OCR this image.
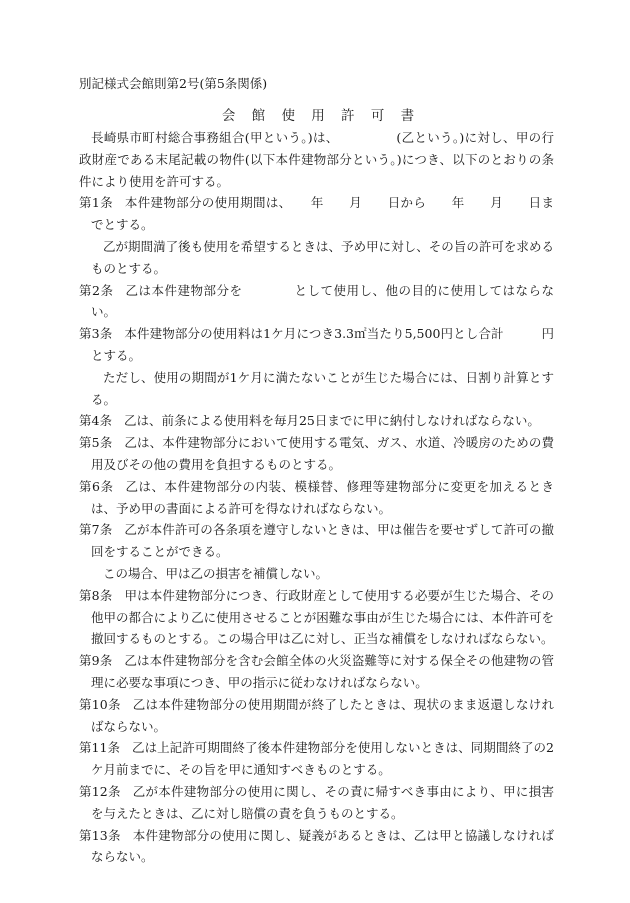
別記様式会館則第2号(第5条関係)
会 館 使 用 許 可 書

長崎県市町村総合事務組合(甲という。)は、　　　　　(乙という。)に対し、甲の行政財産である末尾記載の物件(以下本件建物部分という。)につき、以下のとおりの条件により使用を許可する。

第1条 本件建物部分の使用期間は、　　年　　月　　日から　　年　　月　　日までとする。

乙が期間満了後も使用を希望するときは、予め甲に対し、その旨の許可を求めるものとする。

第2条 乙は本件建物部分を　　　　として使用し、他の目的に使用してはならない。

第3条 本件建物部分の使用料は1ケ月につき3.3㎡当たり5,500円とし合計　　　円とする。

ただし、使用の期間が1ケ月に満たないことが生じた場合には、日割り計算とする。

第4条 乙は、前条による使用料を毎月25日までに甲に納付しなければならない。

第5条 乙は、本件建物部分において使用する電気、ガス、水道、冷暖房のための費用及びその他の費用を負担するものとする。

第6条 乙は、本件建物部分の内装、模様替、修理等建物部分に変更を加えるときは、予め甲の書面による許可を得なければならない。

第7条 乙が本件許可の各条項を遵守しないときは、甲は催告を要せずして許可の撤回をすることができる。

この場合、甲は乙の損害を補償しない。

第8条 甲は本件建物部分につき、行政財産として使用する必要が生じた場合、その他甲の都合により乙に使用させることが困難な事由が生じた場合には、本件許可を撤回するものとする。この場合甲は乙に対し、正当な補償をしなければならない。

第9条 乙は本件建物部分を含む会館全体の火災盗難等に対する保全その他建物の管理に必要な事項につき、甲の指示に従わなければならない。

第10条 乙は本件建物部分の使用期間が終了したときは、現状のまま返還しなければならない。

第11条 乙は上記許可期間終了後本件建物部分を使用しないときは、同期間終了の2ケ月前までに、その旨を甲に通知すべきものとする。

第12条 乙が本件建物部分の使用に関し、その責に帰すべき事由により、甲に損害を与えたときは、乙に対し賠償の責を負うものとする。

第13条 本件建物部分の使用に関し、疑義があるときは、乙は甲と協議しなければならない。
